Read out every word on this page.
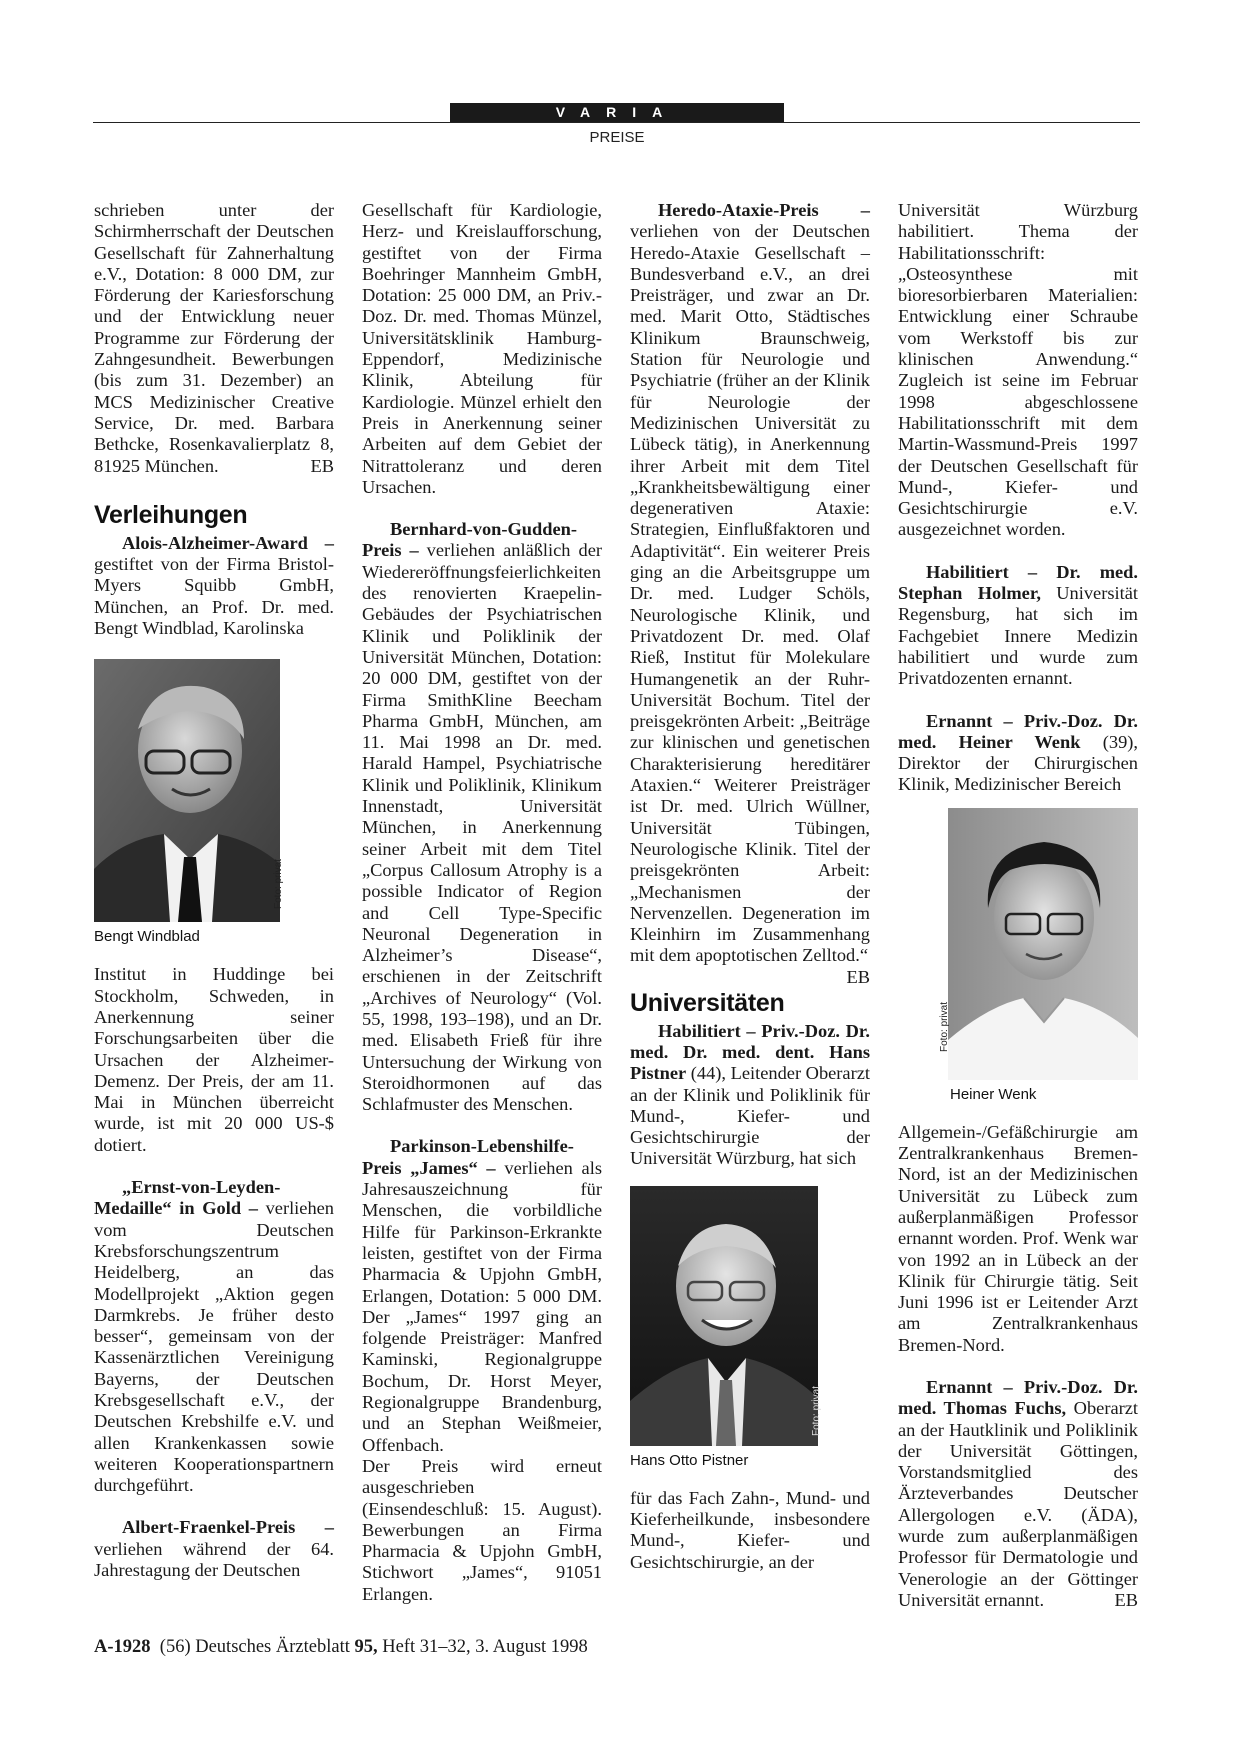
VARIA
PREISE

schrieben unter der Schirmherrschaft der Deutschen Gesellschaft für Zahnerhaltung e.V., Dotation: 8 000 DM, zur Förderung der Kariesforschung und der Entwicklung neuer Programme zur Förderung der Zahngesundheit. Bewerbungen (bis zum 31. Dezember) an MCS Medizinischer Creative Service, Dr. med. Barbara Bethcke, Rosenkavalierplatz 8, 81925 München.	EB

Verleihungen

Alois-Alzheimer-Award – gestiftet von der Firma Bristol-Myers Squibb GmbH, München, an Prof. Dr. med. Bengt Windblad, Karolinska

Foto: privat
Bengt Windblad

Institut in Huddinge bei Stockholm, Schweden, in Anerkennung seiner Forschungsarbeiten über die Ursachen der Alzheimer-Demenz. Der Preis, der am 11. Mai in München überreicht wurde, ist mit 20 000 US-$ dotiert.

„Ernst-von-Leyden-Medaille“ in Gold – verliehen vom Deutschen Krebsforschungszentrum Heidelberg, an das Modellprojekt „Aktion gegen Darmkrebs. Je früher desto besser“, gemeinsam von der Kassenärztlichen Vereinigung Bayerns, der Deutschen Krebsgesellschaft e.V., der Deutschen Krebshilfe e.V. und allen Krankenkassen sowie weiteren Kooperationspartnern durchgeführt.

Albert-Fraenkel-Preis – verliehen während der 64. Jahrestagung der Deutschen

Gesellschaft für Kardiologie, Herz- und Kreislaufforschung, gestiftet von der Firma Boehringer Mannheim GmbH, Dotation: 25 000 DM, an Priv.-Doz. Dr. med. Thomas Münzel, Universitätsklinik Hamburg-Eppendorf, Medizinische Klinik, Abteilung für Kardiologie. Münzel erhielt den Preis in Anerkennung seiner Arbeiten auf dem Gebiet der Nitrattoleranz und deren Ursachen.

Bernhard-von-Gudden-Preis – verliehen anläßlich der Wiedereröffnungsfeierlichkeiten des renovierten Kraepelin-Gebäudes der Psychiatrischen Klinik und Poliklinik der Universität München, Dotation: 20 000 DM, gestiftet von der Firma SmithKline Beecham Pharma GmbH, München, am 11. Mai 1998 an Dr. med. Harald Hampel, Psychiatrische Klinik und Poliklinik, Klinikum Innenstadt, Universität München, in Anerkennung seiner Arbeit mit dem Titel „Corpus Callosum Atrophy is a possible Indicator of Region and Cell Type-Specific Neuronal Degeneration in Alzheimer’s Disease“, erschienen in der Zeitschrift „Archives of Neurology“ (Vol. 55, 1998, 193–198), und an Dr. med. Elisabeth Frieß für ihre Untersuchung der Wirkung von Steroidhormonen auf das Schlafmuster des Menschen.

Parkinson-Lebenshilfe-Preis „James“ – verliehen als Jahresauszeichnung für Menschen, die vorbildliche Hilfe für Parkinson-Erkrankte leisten, gestiftet von der Firma Pharmacia & Upjohn GmbH, Erlangen, Dotation: 5 000 DM. Der „James“ 1997 ging an folgende Preisträger: Manfred Kaminski, Regionalgruppe Bochum, Dr. Horst Meyer, Regionalgruppe Brandenburg, und an Stephan Weißmeier, Offenbach.

Der Preis wird erneut ausgeschrieben (Einsendeschluß: 15. August). Bewerbungen an Firma Pharmacia & Upjohn GmbH, Stichwort „James“, 91051 Erlangen.

Heredo-Ataxie-Preis – verliehen von der Deutschen Heredo-Ataxie Gesellschaft – Bundesverband e.V., an drei Preisträger, und zwar an Dr. med. Marit Otto, Städtisches Klinikum Braunschweig, Station für Neurologie und Psychiatrie (früher an der Klinik für Neurologie der Medizinischen Universität zu Lübeck tätig), in Anerkennung ihrer Arbeit mit dem Titel „Krankheitsbewältigung einer degenerativen Ataxie: Strategien, Einflußfaktoren und Adaptivität“. Ein weiterer Preis ging an die Arbeitsgruppe um Dr. med. Ludger Schöls, Neurologische Klinik, und Privatdozent Dr. med. Olaf Rieß, Institut für Molekulare Humangenetik an der Ruhr-Universität Bochum. Titel der preisgekrönten Arbeit: „Beiträge zur klinischen und genetischen Charakterisierung hereditärer Ataxien.“ Weiterer Preisträger ist Dr. med. Ulrich Wüllner, Universität Tübingen, Neurologische Klinik. Titel der preisgekrönten Arbeit: „Mechanismen der Nervenzellen. Degeneration im Kleinhirn im Zusammenhang mit dem apoptotischen Zelltod.“
EB

Universitäten

Habilitiert – Priv.-Doz. Dr. med. Dr. med. dent. Hans Pistner (44), Leitender Oberarzt an der Klinik und Poliklinik für Mund-, Kiefer- und Gesichtschirurgie der Universität Würzburg, hat sich

Foto: privat
Hans Otto Pistner

für das Fach Zahn-, Mund- und Kieferheilkunde, insbesondere Mund-, Kiefer- und Gesichtschirurgie, an der

Universität Würzburg habilitiert. Thema der Habilitationsschrift: „Osteosynthese mit bioresorbierbaren Materialien: Entwicklung einer Schraube vom Werkstoff bis zur klinischen Anwendung.“ Zugleich ist seine im Februar 1998 abgeschlossene Habilitationsschrift mit dem Martin-Wassmund-Preis 1997 der Deutschen Gesellschaft für Mund-, Kiefer- und Gesichtschirurgie e.V. ausgezeichnet worden.

Habilitiert – Dr. med. Stephan Holmer, Universität Regensburg, hat sich im Fachgebiet Innere Medizin habilitiert und wurde zum Privatdozenten ernannt.

Ernannt – Priv.-Doz. Dr. med. Heiner Wenk (39), Direktor der Chirurgischen Klinik, Medizinischer Bereich

Foto: privat
Heiner Wenk

Allgemein-/Gefäßchirurgie am Zentralkrankenhaus Bremen-Nord, ist an der Medizinischen Universität zu Lübeck zum außerplanmäßigen Professor ernannt worden. Prof. Wenk war von 1992 an in Lübeck an der Klinik für Chirurgie tätig. Seit Juni 1996 ist er Leitender Arzt am Zentralkrankenhaus Bremen-Nord.

Ernannt – Priv.-Doz. Dr. med. Thomas Fuchs, Oberarzt an der Hautklinik und Poliklinik der Universität Göttingen, Vorstandsmitglied des Ärzteverbandes Deutscher Allergologen e.V. (ÄDA), wurde zum außerplanmäßigen Professor für Dermatologie und Venerologie an der Göttinger Universität ernannt.	EB

A-1928 (56) Deutsches Ärzteblatt 95, Heft 31–32, 3. August 1998
